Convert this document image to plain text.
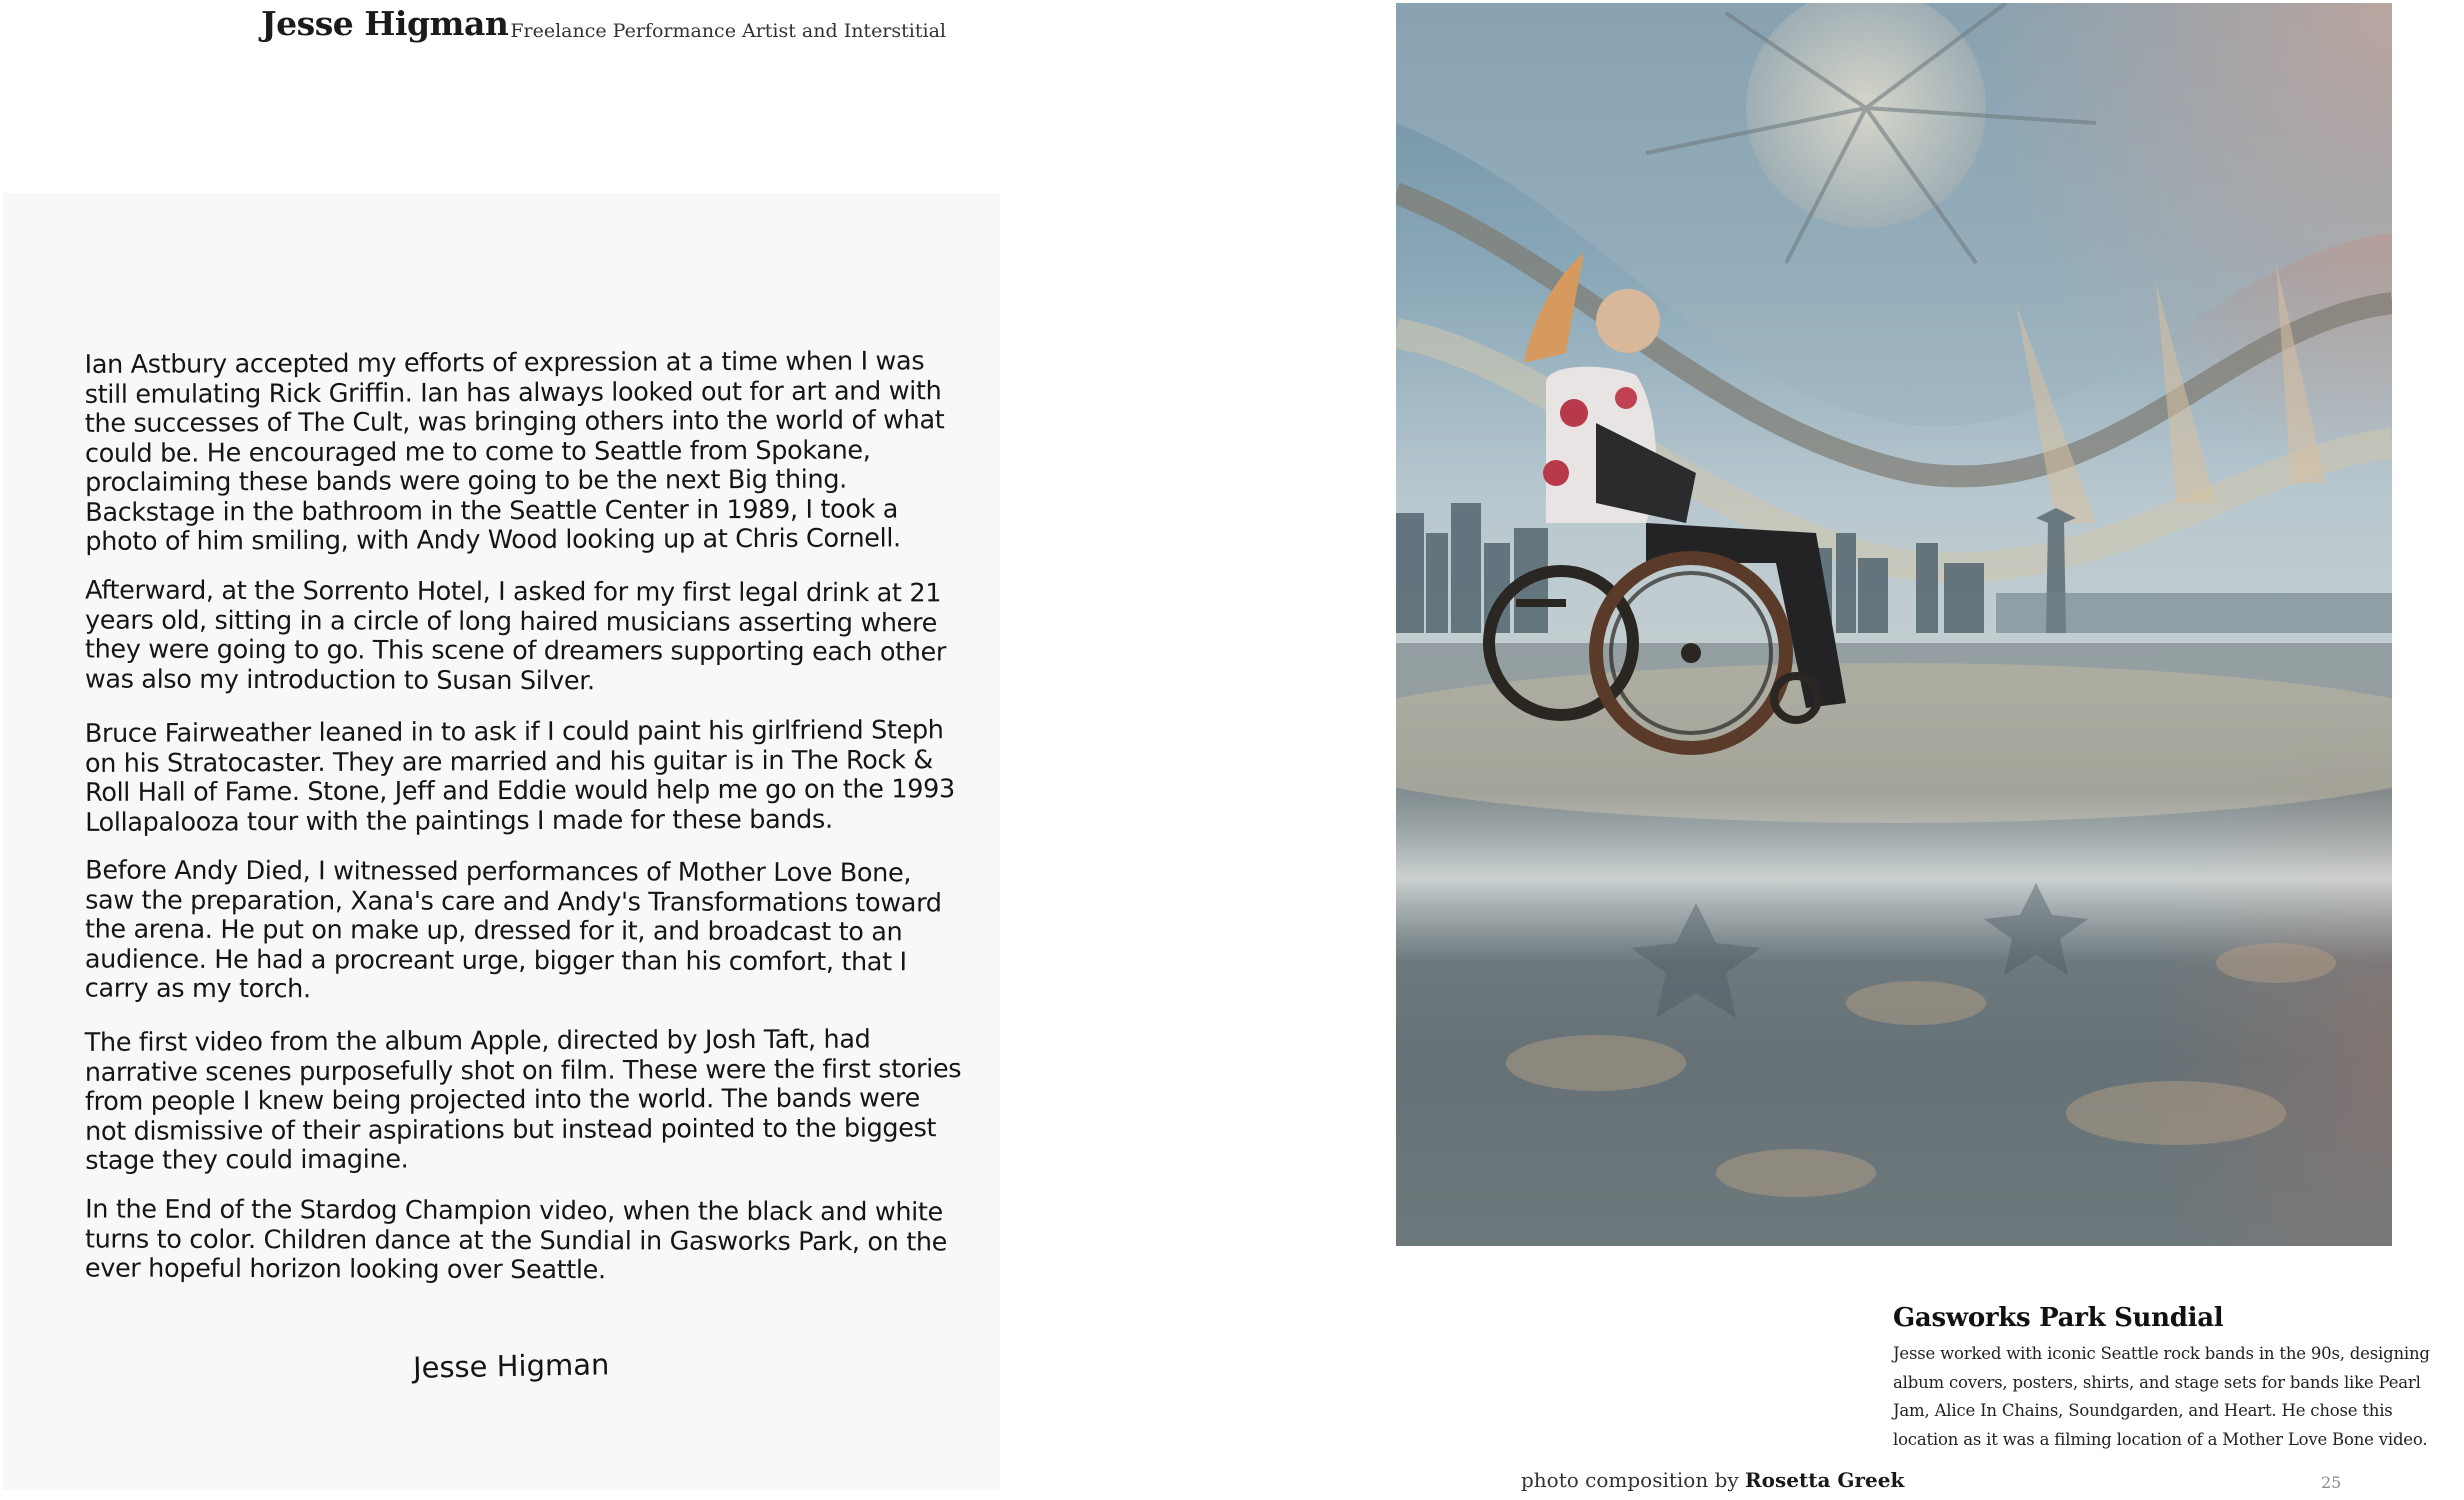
Jesse Higman Freelance Performance Artist and Interstitial

Ian Astbury accepted my efforts of expression at a time when I was still emulating Rick Griffin. Ian has always looked out for art and with the successes of The Cult, was bringing others into the world of what could be. He encouraged me to come to Seattle from Spokane, proclaiming these bands were going to be the next Big thing. Backstage in the bathroom in the Seattle Center in 1989, I took a photo of him smiling, with Andy Wood looking up at Chris Cornell.

Afterward, at the Sorrento Hotel, I asked for my first legal drink at 21 years old, sitting in a circle of long haired musicians asserting where they were going to go. This scene of dreamers supporting each other was also my introduction to Susan Silver.

Bruce Fairweather leaned in to ask if I could paint his girlfriend Steph on his Stratocaster. They are married and his guitar is in The Rock & Roll Hall of Fame. Stone, Jeff and Eddie would help me go on the 1993 Lollapalooza tour with the paintings I made for these bands.

Before Andy Died, I witnessed performances of Mother Love Bone, saw the preparation, Xana's care and Andy's Transformations toward the arena. He put on make up, dressed for it, and broadcast to an audience. He had a procreant urge, bigger than his comfort, that I carry as my torch.

The first video from the album Apple, directed by Josh Taft, had narrative scenes purposefully shot on film. These were the first stories from people I knew being projected into the world. The bands were not dismissive of their aspirations but instead pointed to the biggest stage they could imagine.

In the End of the Stardog Champion video, when the black and white turns to color. Children dance at the Sundial in Gasworks Park, on the ever hopeful horizon looking over Seattle.

Jesse Higman
Gasworks Park Sundial
Jesse worked with iconic Seattle rock bands in the 90s, designing album covers, posters, shirts, and stage sets for bands like Pearl Jam, Alice In Chains, Soundgarden, and Heart. He chose this location as it was a filming location of a Mother Love Bone video.
photo composition by Rosetta Greek	25
